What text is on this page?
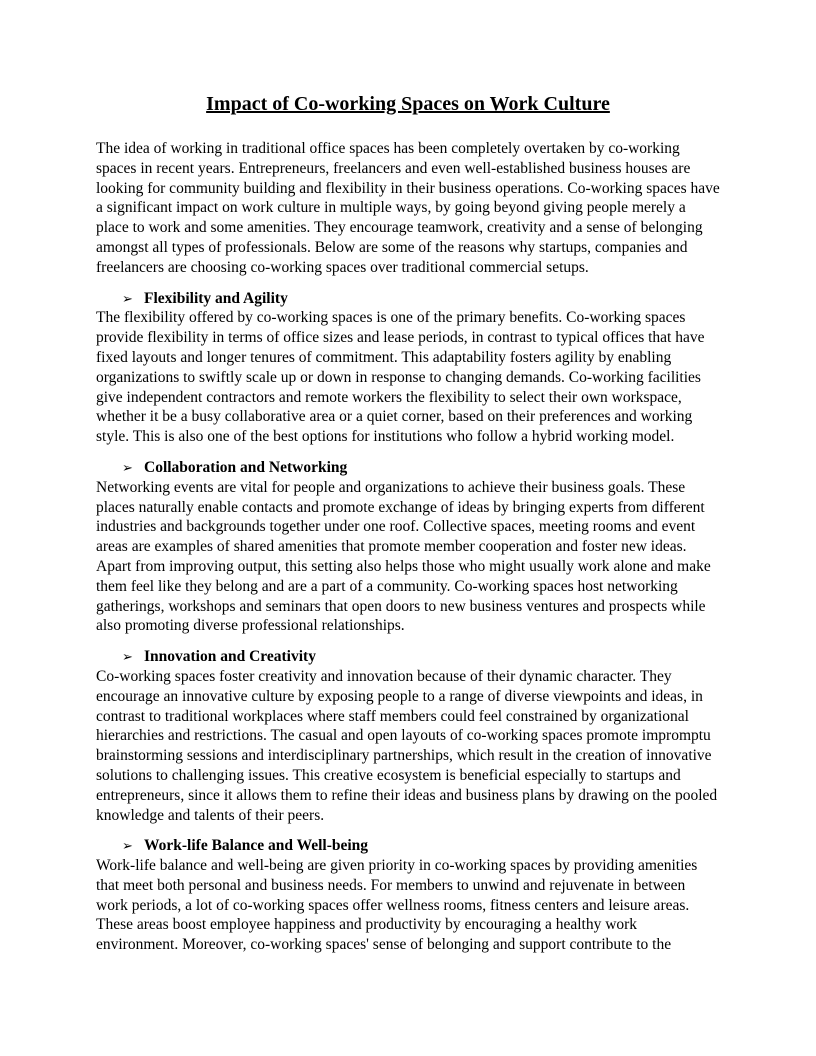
Impact of Co-working Spaces on Work Culture

The idea of working in traditional office spaces has been completely overtaken by co-working spaces in recent years. Entrepreneurs, freelancers and even well-established business houses are looking for community building and flexibility in their business operations. Co-working spaces have a significant impact on work culture in multiple ways, by going beyond giving people merely a place to work and some amenities. They encourage teamwork, creativity and a sense of belonging amongst all types of professionals. Below are some of the reasons why startups, companies and freelancers are choosing co-working spaces over traditional commercial setups.

➢ Flexibility and Agility

The flexibility offered by co-working spaces is one of the primary benefits. Co-working spaces provide flexibility in terms of office sizes and lease periods, in contrast to typical offices that have fixed layouts and longer tenures of commitment. This adaptability fosters agility by enabling organizations to swiftly scale up or down in response to changing demands. Co-working facilities give independent contractors and remote workers the flexibility to select their own workspace, whether it be a busy collaborative area or a quiet corner, based on their preferences and working style. This is also one of the best options for institutions who follow a hybrid working model.

➢ Collaboration and Networking

Networking events are vital for people and organizations to achieve their business goals. These places naturally enable contacts and promote exchange of ideas by bringing experts from different industries and backgrounds together under one roof. Collective spaces, meeting rooms and event areas are examples of shared amenities that promote member cooperation and foster new ideas. Apart from improving output, this setting also helps those who might usually work alone and make them feel like they belong and are a part of a community. Co-working spaces host networking gatherings, workshops and seminars that open doors to new business ventures and prospects while also promoting diverse professional relationships.

➢ Innovation and Creativity

Co-working spaces foster creativity and innovation because of their dynamic character. They encourage an innovative culture by exposing people to a range of diverse viewpoints and ideas, in contrast to traditional workplaces where staff members could feel constrained by organizational hierarchies and restrictions. The casual and open layouts of co-working spaces promote impromptu brainstorming sessions and interdisciplinary partnerships, which result in the creation of innovative solutions to challenging issues. This creative ecosystem is beneficial especially to startups and entrepreneurs, since it allows them to refine their ideas and business plans by drawing on the pooled knowledge and talents of their peers.

➢ Work-life Balance and Well-being

Work-life balance and well-being are given priority in co-working spaces by providing amenities that meet both personal and business needs. For members to unwind and rejuvenate in between work periods, a lot of co-working spaces offer wellness rooms, fitness centers and leisure areas. These areas boost employee happiness and productivity by encouraging a healthy work environment. Moreover, co-working spaces' sense of belonging and support contribute to the
